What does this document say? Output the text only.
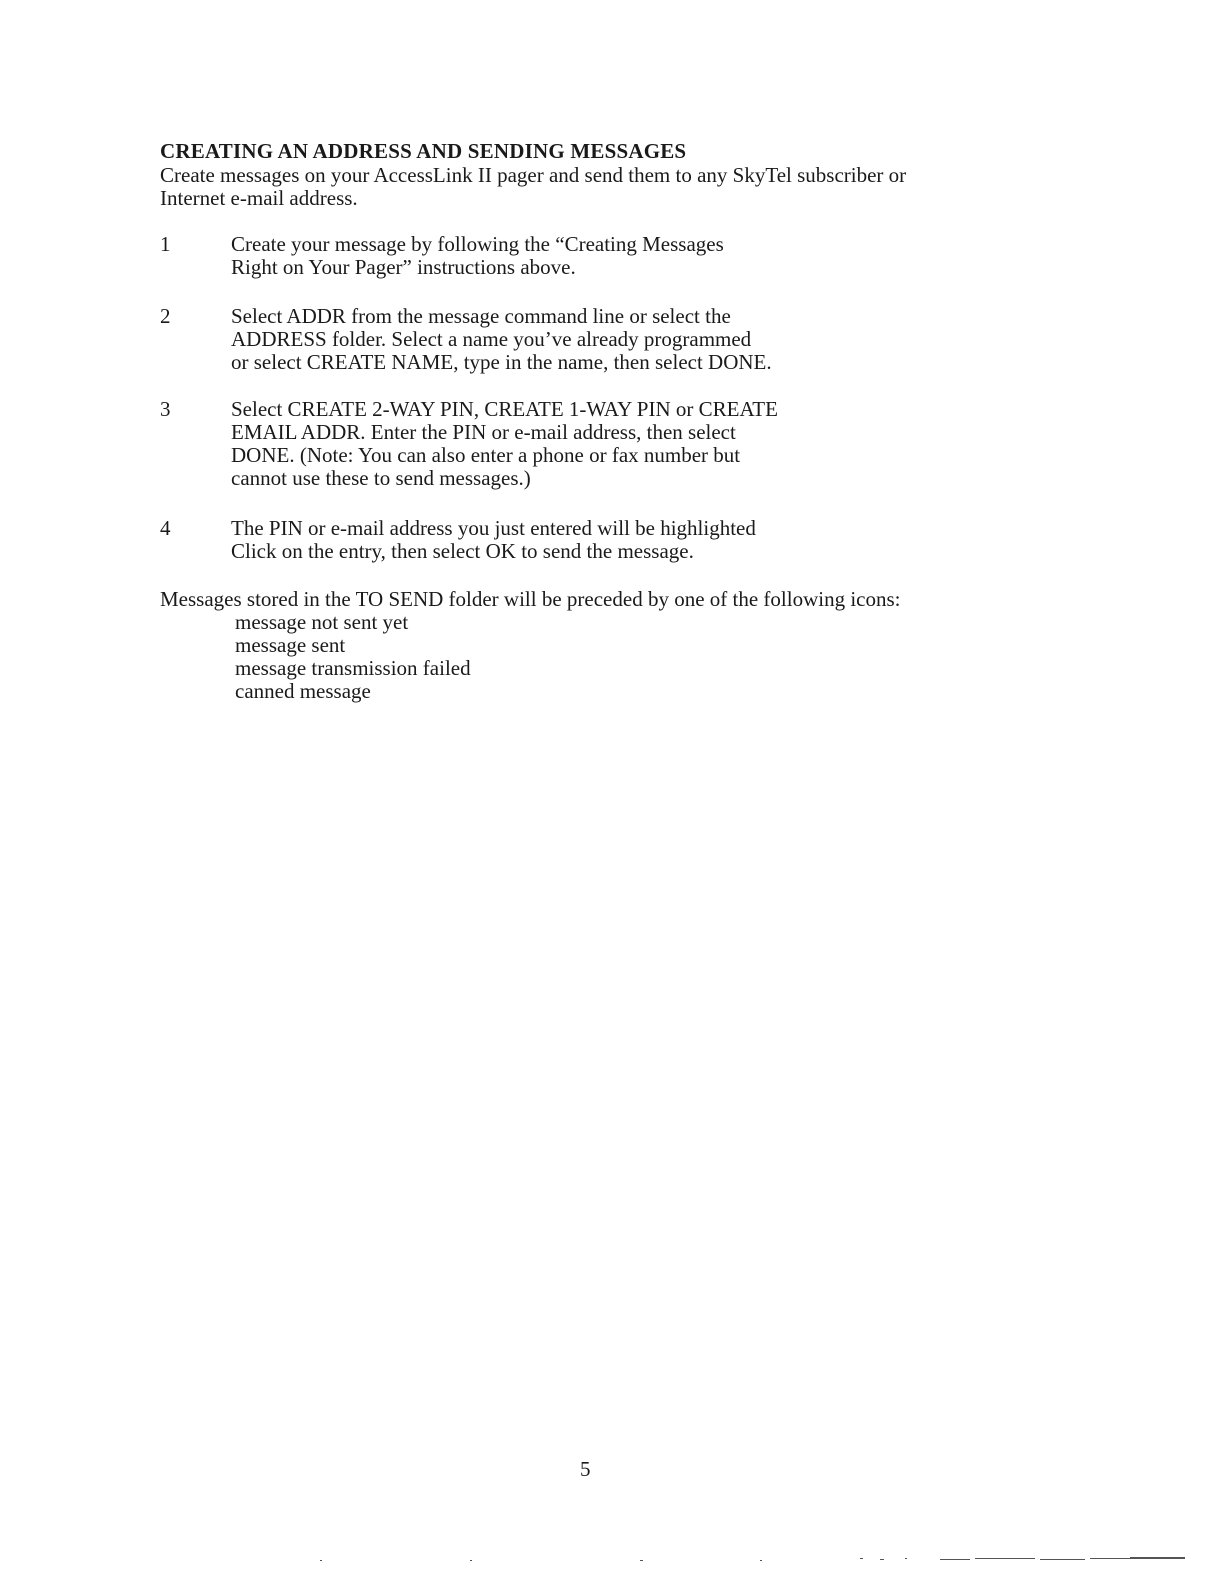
CREATING AN ADDRESS AND SENDING MESSAGES
Create messages on your AccessLink II pager and send them to any SkyTel subscriber or
Internet e-mail address.
1	Create your message by following the “Creating Messages
Right on Your Pager” instructions above.
2	Select ADDR from the message command line or select the
ADDRESS folder. Select a name you’ve already programmed
or select CREATE NAME, type in the name, then select DONE.
3	Select CREATE 2-WAY PIN, CREATE 1-WAY PIN or CREATE
EMAIL ADDR. Enter the PIN or e-mail address, then select
DONE. (Note: You can also enter a phone or fax number but
cannot use these to send messages.)
4	The PIN or e-mail address you just entered will be highlighted
Click on the entry, then select OK to send the message.
Messages stored in the TO SEND folder will be preceded by one of the following icons:
message not sent yet
message sent
message transmission failed
canned message
5
